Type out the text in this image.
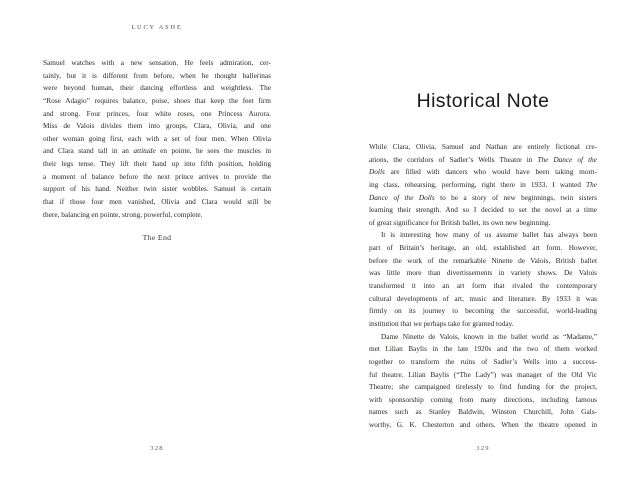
LUCY ASHE
Samuel watches with a new sensation. He feels admiration, cer-
tainly, but it is different from before, when he thought ballerinas
were beyond human, their dancing effortless and weightless. The
“Rose Adagio” requires balance, poise, shoes that keep the feet firm
and strong. Four princes, four white roses, one Princess Aurora.
Miss de Valois divides them into groups, Clara, Olivia, and one
other woman going first, each with a set of four men. When Olivia
and Clara stand tall in an attitude en pointe, he sees the muscles in
their legs tense. They lift their hand up into fifth position, holding
a moment of balance before the next prince arrives to provide the
support of his hand. Neither twin sister wobbles. Samuel is certain
that if those four men vanished, Olivia and Clara would still be
there, balancing en pointe, strong, powerful, complete.
The End
328
Historical Note
While Clara, Olivia, Samuel and Nathan are entirely fictional cre-
ations, the corridors of Sadler’s Wells Theatre in The Dance of the
Dolls are filled with dancers who would have been taking morn-
ing class, rehearsing, performing, right there in 1933. I wanted The
Dance of the Dolls to be a story of new beginnings, twin sisters
learning their strength. And so I decided to set the novel at a time
of great significance for British ballet, its own new beginning.
It is interesting how many of us assume ballet has always been
part of Britain’s heritage, an old, established art form. However,
before the work of the remarkable Ninette de Valois, British ballet
was little more than divertissements in variety shows. De Valois
transformed it into an art form that rivaled the contemporary
cultural developments of art, music and literature. By 1933 it was
firmly on its journey to becoming the successful, world-leading
institution that we perhaps take for granted today.
Dame Ninette de Valois, known in the ballet world as “Madame,”
met Lilian Baylis in the late 1920s and the two of them worked
together to transform the ruins of Sadler’s Wells into a success-
ful theatre. Lilian Baylis (“The Lady”) was manager of the Old Vic
Theatre; she campaigned tirelessly to find funding for the project,
with sponsorship coming from many directions, including famous
names such as Stanley Baldwin, Winston Churchill, John Gals-
worthy, G. K. Chesterton and others. When the theatre opened in
329
